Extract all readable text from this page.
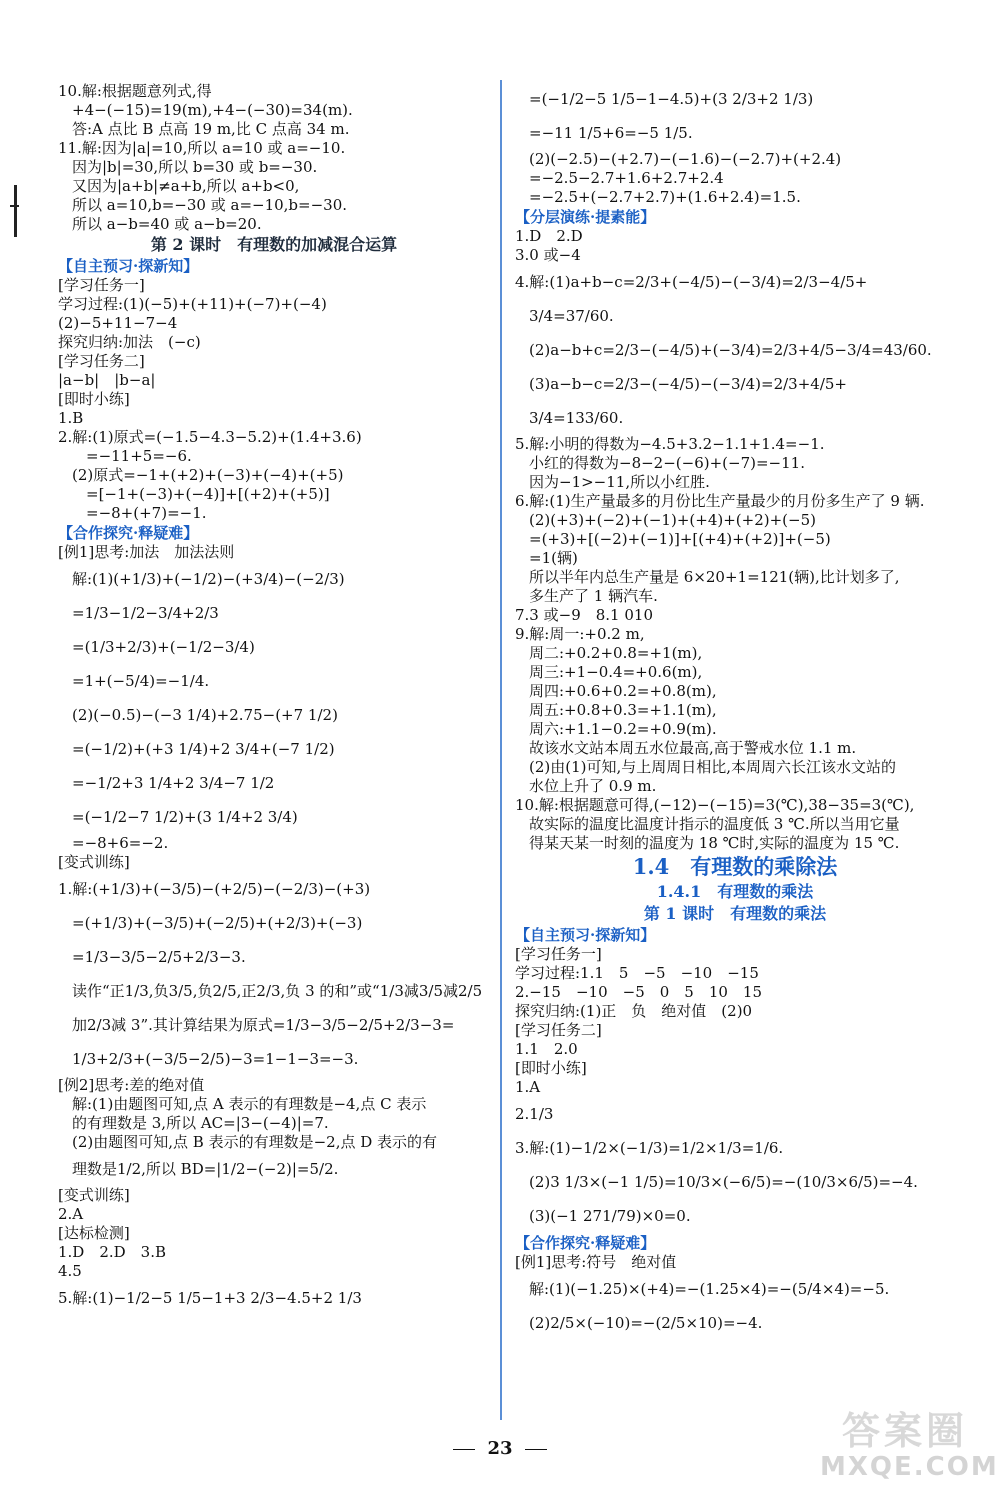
10.解:根据题意列式,得
+4−(−15)=19(m),+4−(−30)=34(m).
答:A 点比 B 点高 19 m,比 C 点高 34 m.
11.解:因为|a|=10,所以 a=10 或 a=−10.
因为|b|=30,所以 b=30 或 b=−30.
又因为|a+b|≠a+b,所以 a+b<0,
所以 a=10,b=−30 或 a=−10,b=−30.
所以 a−b=40 或 a−b=20.
第 2 课时　有理数的加减混合运算
【自主预习·探新知】
[学习任务一]
学习过程:(1)(−5)+(+11)+(−7)+(−4)
(2)−5+11−7−4
探究归纳:加法　(−c)
[学习任务二]
|a−b|　|b−a|
[即时小练]
1.B
2.解:(1)原式=(−1.5−4.3−5.2)+(1.4+3.6)
=−11+5=−6.
(2)原式=−1+(+2)+(−3)+(−4)+(+5)
=[−1+(−3)+(−4)]+[(+2)+(+5)]
=−8+(+7)=−1.
【合作探究·释疑难】
[例1]思考:加法　加法法则
解:(1)(+1/3)+(−1/2)−(+3/4)−(−2/3)
=1/3−1/2−3/4+2/3
=(1/3+2/3)+(−1/2−3/4)
=1+(−5/4)=−1/4.
(2)(−0.5)−(−3 1/4)+2.75−(+7 1/2)
=(−1/2)+(+3 1/4)+2 3/4+(−7 1/2)
=−1/2+3 1/4+2 3/4−7 1/2
=(−1/2−7 1/2)+(3 1/4+2 3/4)
=−8+6=−2.
[变式训练]
1.解:(+1/3)+(−3/5)−(+2/5)−(−2/3)−(+3)
=(+1/3)+(−3/5)+(−2/5)+(+2/3)+(−3)
=1/3−3/5−2/5+2/3−3.
读作“正1/3,负3/5,负2/5,正2/3,负 3 的和”或“1/3减3/5减2/5
加2/3减 3”.其计算结果为原式=1/3−3/5−2/5+2/3−3=
1/3+2/3+(−3/5−2/5)−3=1−1−3=−3.
[例2]思考:差的绝对值
解:(1)由题图可知,点 A 表示的有理数是−4,点 C 表示
的有理数是 3,所以 AC=|3−(−4)|=7.
(2)由题图可知,点 B 表示的有理数是−2,点 D 表示的有
理数是1/2,所以 BD=|1/2−(−2)|=5/2.
[变式训练]
2.A
[达标检测]
1.D　2.D　3.B
4.5
5.解:(1)−1/2−5 1/5−1+3 2/3−4.5+2 1/3
=(−1/2−5 1/5−1−4.5)+(3 2/3+2 1/3)
=−11 1/5+6=−5 1/5.
(2)(−2.5)−(+2.7)−(−1.6)−(−2.7)+(+2.4)
=−2.5−2.7+1.6+2.7+2.4
=−2.5+(−2.7+2.7)+(1.6+2.4)=1.5.
【分层演练·提素能】
1.D　2.D
3.0 或−4
4.解:(1)a+b−c=2/3+(−4/5)−(−3/4)=2/3−4/5+
3/4=37/60.
(2)a−b+c=2/3−(−4/5)+(−3/4)=2/3+4/5−3/4=43/60.
(3)a−b−c=2/3−(−4/5)−(−3/4)=2/3+4/5+
3/4=133/60.
5.解:小明的得数为−4.5+3.2−1.1+1.4=−1.
小红的得数为−8−2−(−6)+(−7)=−11.
因为−1>−11,所以小红胜.
6.解:(1)生产量最多的月份比生产量最少的月份多生产了 9 辆.
(2)(+3)+(−2)+(−1)+(+4)+(+2)+(−5)
=(+3)+[(−2)+(−1)]+[(+4)+(+2)]+(−5)
=1(辆)
所以半年内总生产量是 6×20+1=121(辆),比计划多了,
多生产了 1 辆汽车.
7.3 或−9　8.1 010
9.解:周一:+0.2 m,
周二:+0.2+0.8=+1(m),
周三:+1−0.4=+0.6(m),
周四:+0.6+0.2=+0.8(m),
周五:+0.8+0.3=+1.1(m),
周六:+1.1−0.2=+0.9(m).
故该水文站本周五水位最高,高于警戒水位 1.1 m.
(2)由(1)可知,与上周周日相比,本周周六长江该水文站的
水位上升了 0.9 m.
10.解:根据题意可得,(−12)−(−15)=3(℃),38−35=3(℃),
故实际的温度比温度计指示的温度低 3 ℃.所以当用它量
得某天某一时刻的温度为 18 ℃时,实际的温度为 15 ℃.
1.4　有理数的乘除法
1.4.1　有理数的乘法
第 1 课时　有理数的乘法
【自主预习·探新知】
[学习任务一]
学习过程:1.1　5　−5　−10　−15
2.−15　−10　−5　0　5　10　15
探究归纳:(1)正　负　绝对值　(2)0
[学习任务二]
1.1　2.0
[即时小练]
1.A
2.1/3
3.解:(1)−1/2×(−1/3)=1/2×1/3=1/6.
(2)3 1/3×(−1 1/5)=10/3×(−6/5)=−(10/3×6/5)=−4.
(3)(−1 271/79)×0=0.
【合作探究·释疑难】
[例1]思考:符号　绝对值
解:(1)(−1.25)×(+4)=−(1.25×4)=−(5/4×4)=−5.
(2)2/5×(−10)=−(2/5×10)=−4.
23	答案圈
MXQE.COM
